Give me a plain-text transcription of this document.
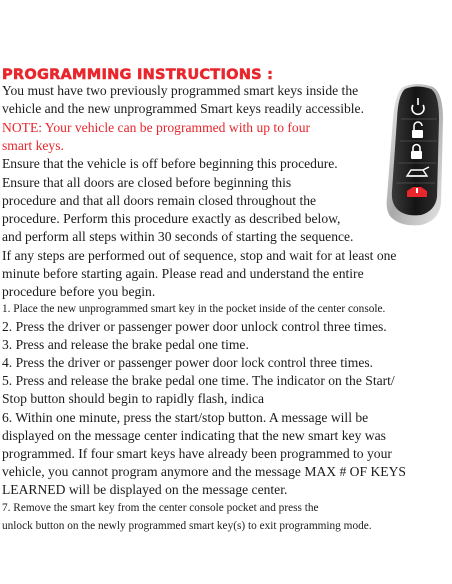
PROGRAMMING INSTRUCTIONS :
You must have two previously programmed smart keys inside the
vehicle and the new unprogrammed Smart keys readily accessible.
NOTE: Your vehicle can be programmed with up to four
smart keys.
Ensure that the vehicle is off before beginning this procedure.
Ensure that all doors are closed before beginning this
procedure and that all doors remain closed throughout the
procedure. Perform this procedure exactly as described below,
and perform all steps within 30 seconds of starting the sequence.
If any steps are performed out of sequence, stop and wait for at least one
minute before starting again. Please read and understand the entire
procedure before you begin.
1. Place the new unprogrammed smart key in the pocket inside of the center console.
2. Press the driver or passenger power door unlock control three times.
3. Press and release the brake pedal one time.
4. Press the driver or passenger power door lock control three times.
5. Press and release the brake pedal one time. The indicator on the Start/
Stop button should begin to rapidly flash, indica
6. Within one minute, press the start/stop button. A message will be
displayed on the message center indicating that the new smart key was
programmed. If four smart keys have already been programmed to your
vehicle, you cannot program anymore and the message MAX # OF KEYS
LEARNED will be displayed on the message center.
7. Remove the smart key from the center console pocket and press the
unlock button on the newly programmed smart key(s) to exit programming mode.
